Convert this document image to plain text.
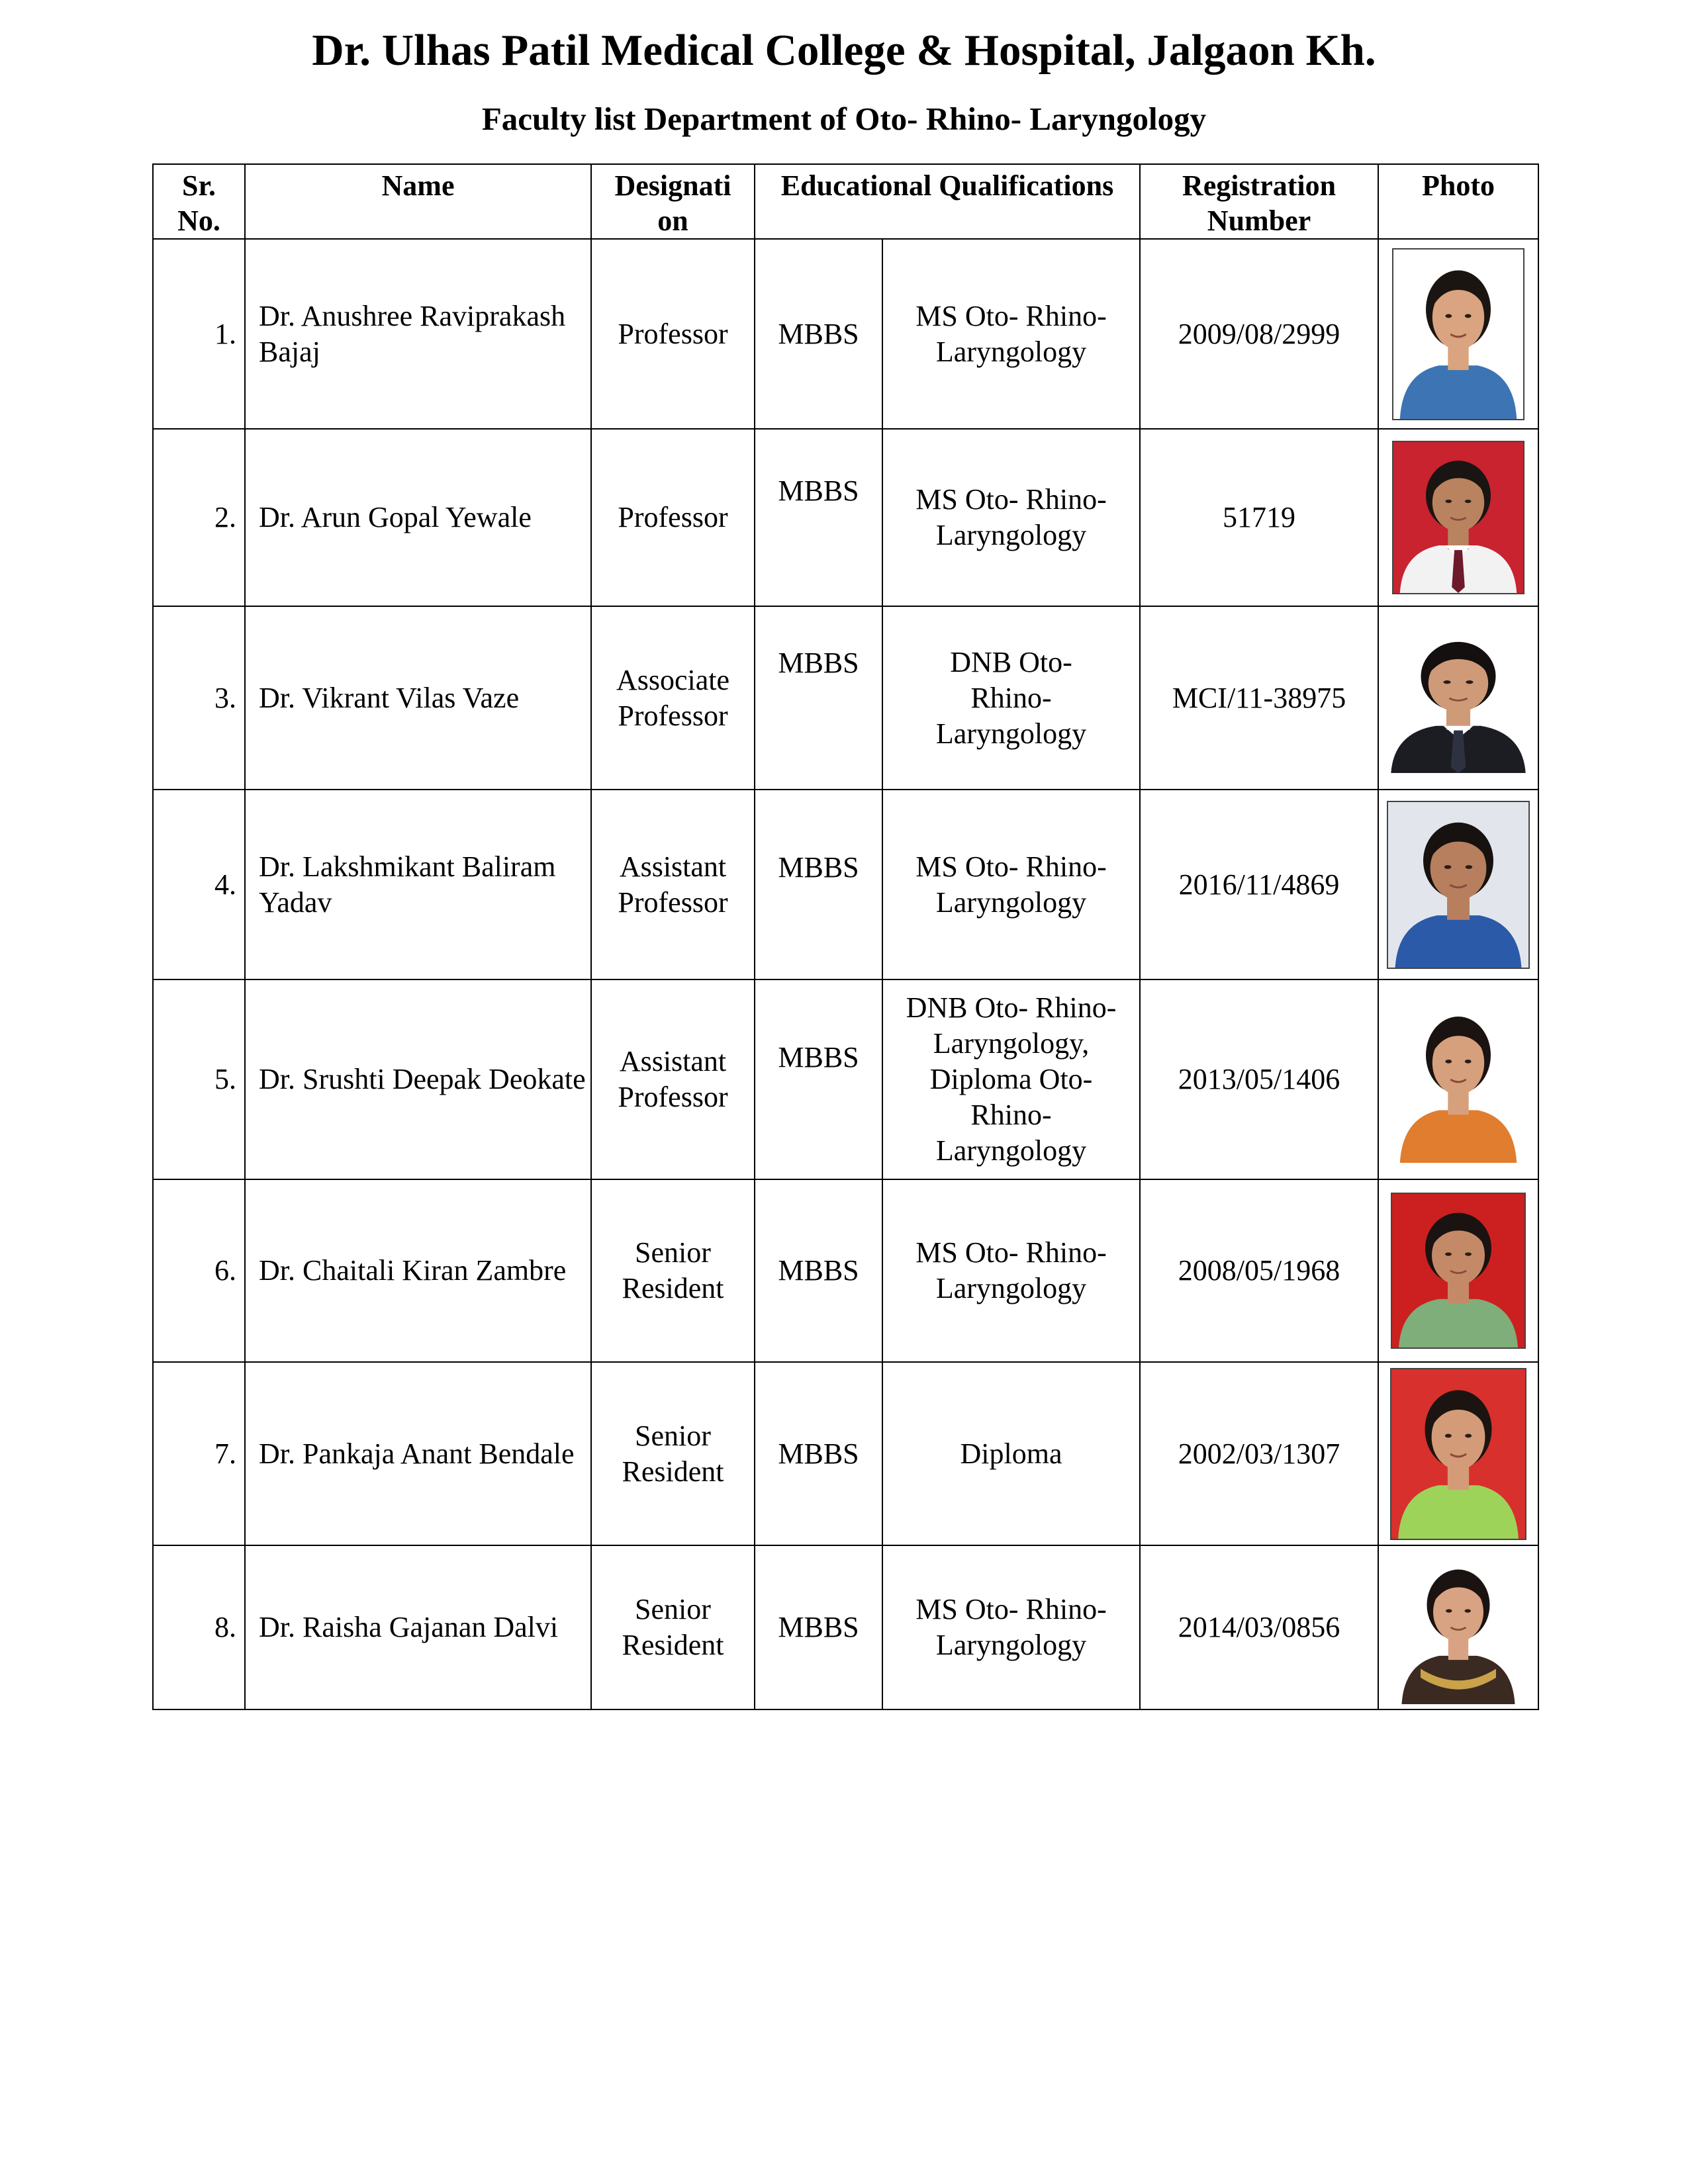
Dr. Ulhas Patil Medical College & Hospital, Jalgaon Kh.
Faculty list Department of Oto- Rhino- Laryngology
Sr. No.	Name	Designati on	Educational Qualifications		Registration Number	Photo
1.	Dr. Anushree Raviprakash Bajaj	Professor	MBBS	MS Oto- Rhino- Laryngology	2009/08/2999	

2.	Dr. Arun Gopal Yewale	Professor	MBBS	MS Oto- Rhino- Laryngology	51719	

3.	Dr. Vikrant Vilas Vaze	Associate Professor	MBBS	DNB Oto- Rhino- Laryngology	MCI/11-38975	

4.	Dr. Lakshmikant Baliram Yadav	Assistant Professor	MBBS	MS Oto- Rhino- Laryngology	2016/11/4869	

5.	Dr. Srushti Deepak Deokate	Assistant Professor	MBBS	DNB Oto- Rhino- Laryngology, Diploma Oto- Rhino- Laryngology	2013/05/1406	

6.	Dr. Chaitali Kiran Zambre	Senior Resident	MBBS	MS Oto- Rhino- Laryngology	2008/05/1968	

7.	Dr. Pankaja Anant Bendale	Senior Resident	MBBS	Diploma	2002/03/1307	

8.	Dr. Raisha Gajanan Dalvi	Senior Resident	MBBS	MS Oto- Rhino- Laryngology	2014/03/0856	
